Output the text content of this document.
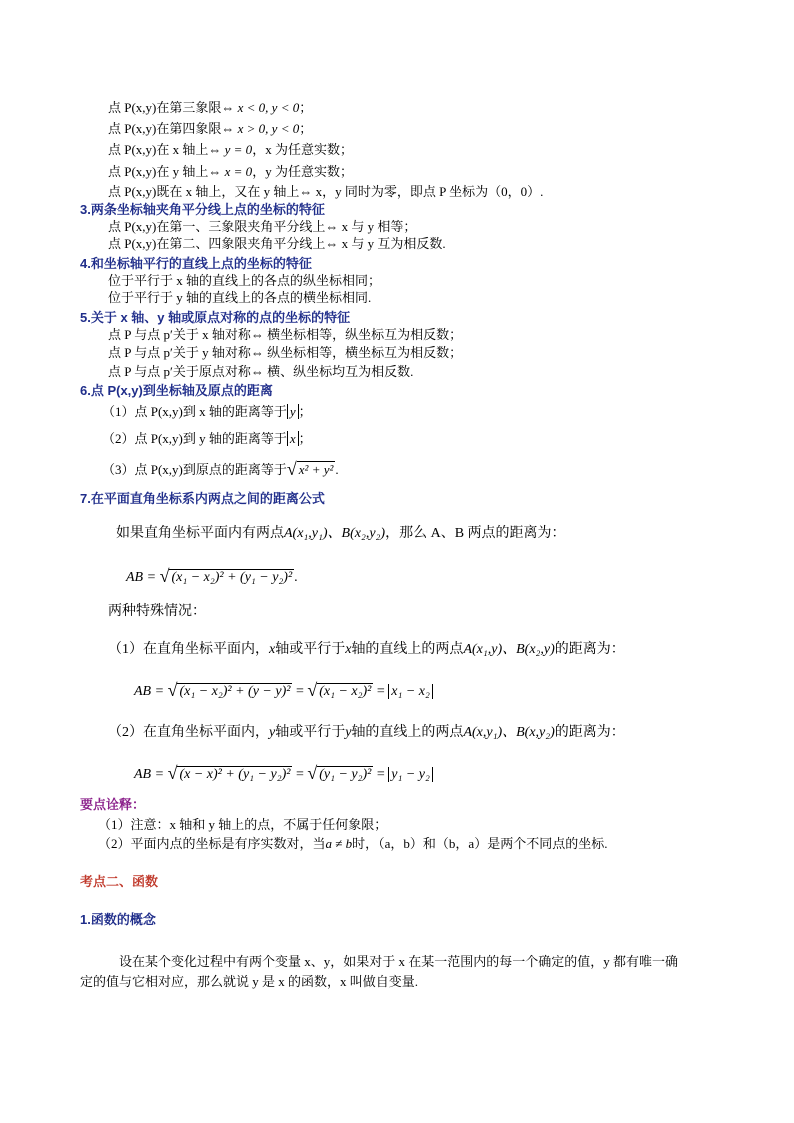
点 P(x,y)在第三象限⇔ x < 0, y < 0；
点 P(x,y)在第四象限⇔ x > 0, y < 0；
点 P(x,y)在 x 轴上⇔ y = 0，x 为任意实数；
点 P(x,y)在 y 轴上⇔ x = 0，y 为任意实数；
点 P(x,y)既在 x 轴上，又在 y 轴上⇔ x，y 同时为零，即点 P 坐标为（0，0）.
3.两条坐标轴夹角平分线上点的坐标的特征
点 P(x,y)在第一、三象限夹角平分线上⇔ x 与 y 相等；
点 P(x,y)在第二、四象限夹角平分线上⇔ x 与 y 互为相反数.
4.和坐标轴平行的直线上点的坐标的特征
位于平行于 x 轴的直线上的各点的纵坐标相同；
位于平行于 y 轴的直线上的各点的横坐标相同.
5.关于 x 轴、y 轴或原点对称的点的坐标的特征
点 P 与点 p′关于 x 轴对称⇔ 横坐标相等，纵坐标互为相反数；
点 P 与点 p′关于 y 轴对称⇔ 纵坐标相等，横坐标互为相反数；
点 P 与点 p′关于原点对称⇔ 横、纵坐标均互为相反数.
6.点 P(x,y)到坐标轴及原点的距离
（1）点 P(x,y)到 x 轴的距离等于 y ；
（2）点 P(x,y)到 y 轴的距离等于 x ；
（3）点 P(x,y)到原点的距离等于√ x² + y² .
7.在平面直角坐标系内两点之间的距离公式
如果直角坐标平面内有两点A(x₁,y₁)、B(x₂,y₂)，那么 A、B 两点的距离为：
AB = √ (x₁ − x₂)² + (y₁ − y₂)² .
两种特殊情况：
（1）在直角坐标平面内，x轴或平行于x轴的直线上的两点A(x₁,y)、B(x₂,y)的距离为：
AB = √ (x₁ − x₂)² + (y − y)² = √ (x₁ − x₂)² = x₁ − x₂
（2）在直角坐标平面内，y轴或平行于y轴的直线上的两点A(x,y₁)、B(x,y₂)的距离为：
AB = √ (x − x)² + (y₁ − y₂)² = √ (y₁ − y₂)² = y₁ − y₂
要点诠释：
（1）注意：x 轴和 y 轴上的点，不属于任何象限；
（2）平面内点的坐标是有序实数对，当a ≠ b时，（a，b）和（b，a）是两个不同点的坐标.
考点二、函数
1.函数的概念
设在某个变化过程中有两个变量 x、y，如果对于 x 在某一范围内的每一个确定的值，y 都有唯一确
定的值与它相对应，那么就说 y 是 x 的函数，x 叫做自变量.
